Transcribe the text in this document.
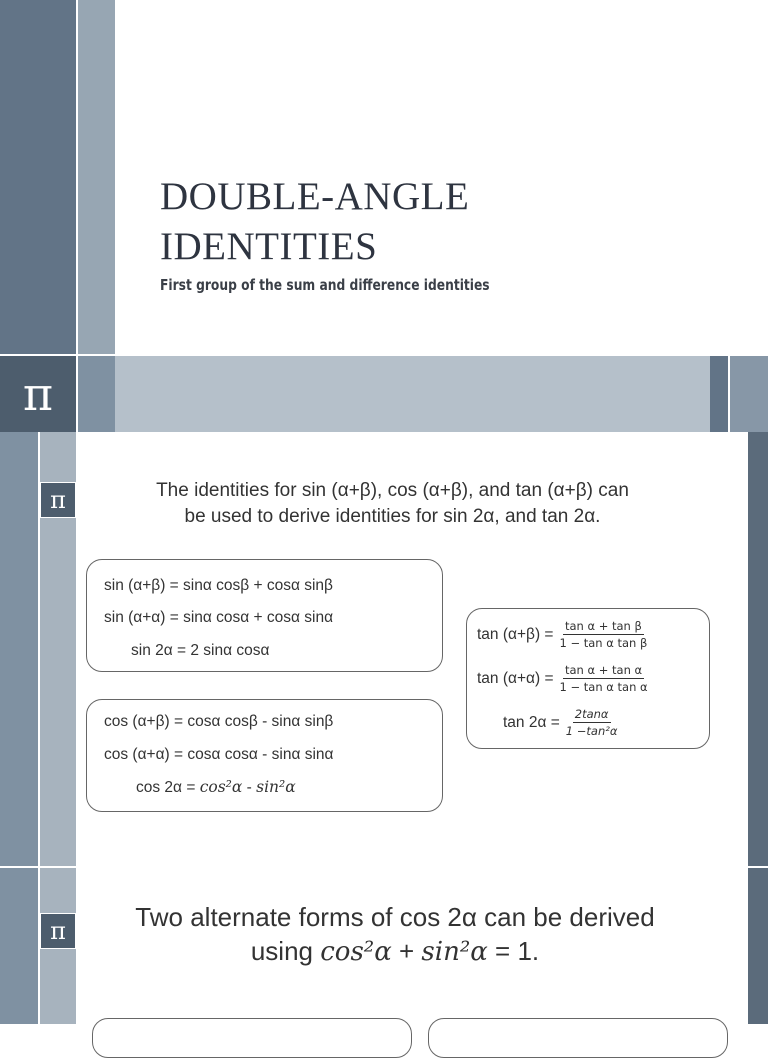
DOUBLE-ANGLE
IDENTITIES
First group of the sum and difference identities
π
π	The identities for sin (α+β), cos (α+β), and tan (α+β) can
be used to derive identities for sin 2α, and tan 2α.
sin (α+β) = sinα cosβ + cosα sinβ
sin (α+α) = sinα cosα + cosα sinα
sin 2α = 2 sinα cosα
cos (α+β) = cosα cosβ - sinα sinβ
cos (α+α) = cosα cosα - sinα sinα
cos 2α = cos²α - sin²α
$\tan (\alpha+\beta) = \frac{\text{tan α + tan β}}{\text{1 − tan α tan β}}$
$\tan (\alpha+\alpha) = \frac{\text{tan α + tan α}}{\text{1 − tan α tan α}}$
$\tan 2\alpha = \frac{2\tan\alpha}{\text{1 −tan²α}}$
π	Two alternate forms of cos 2α can be derived
using cos²α + sin²α = 1.
